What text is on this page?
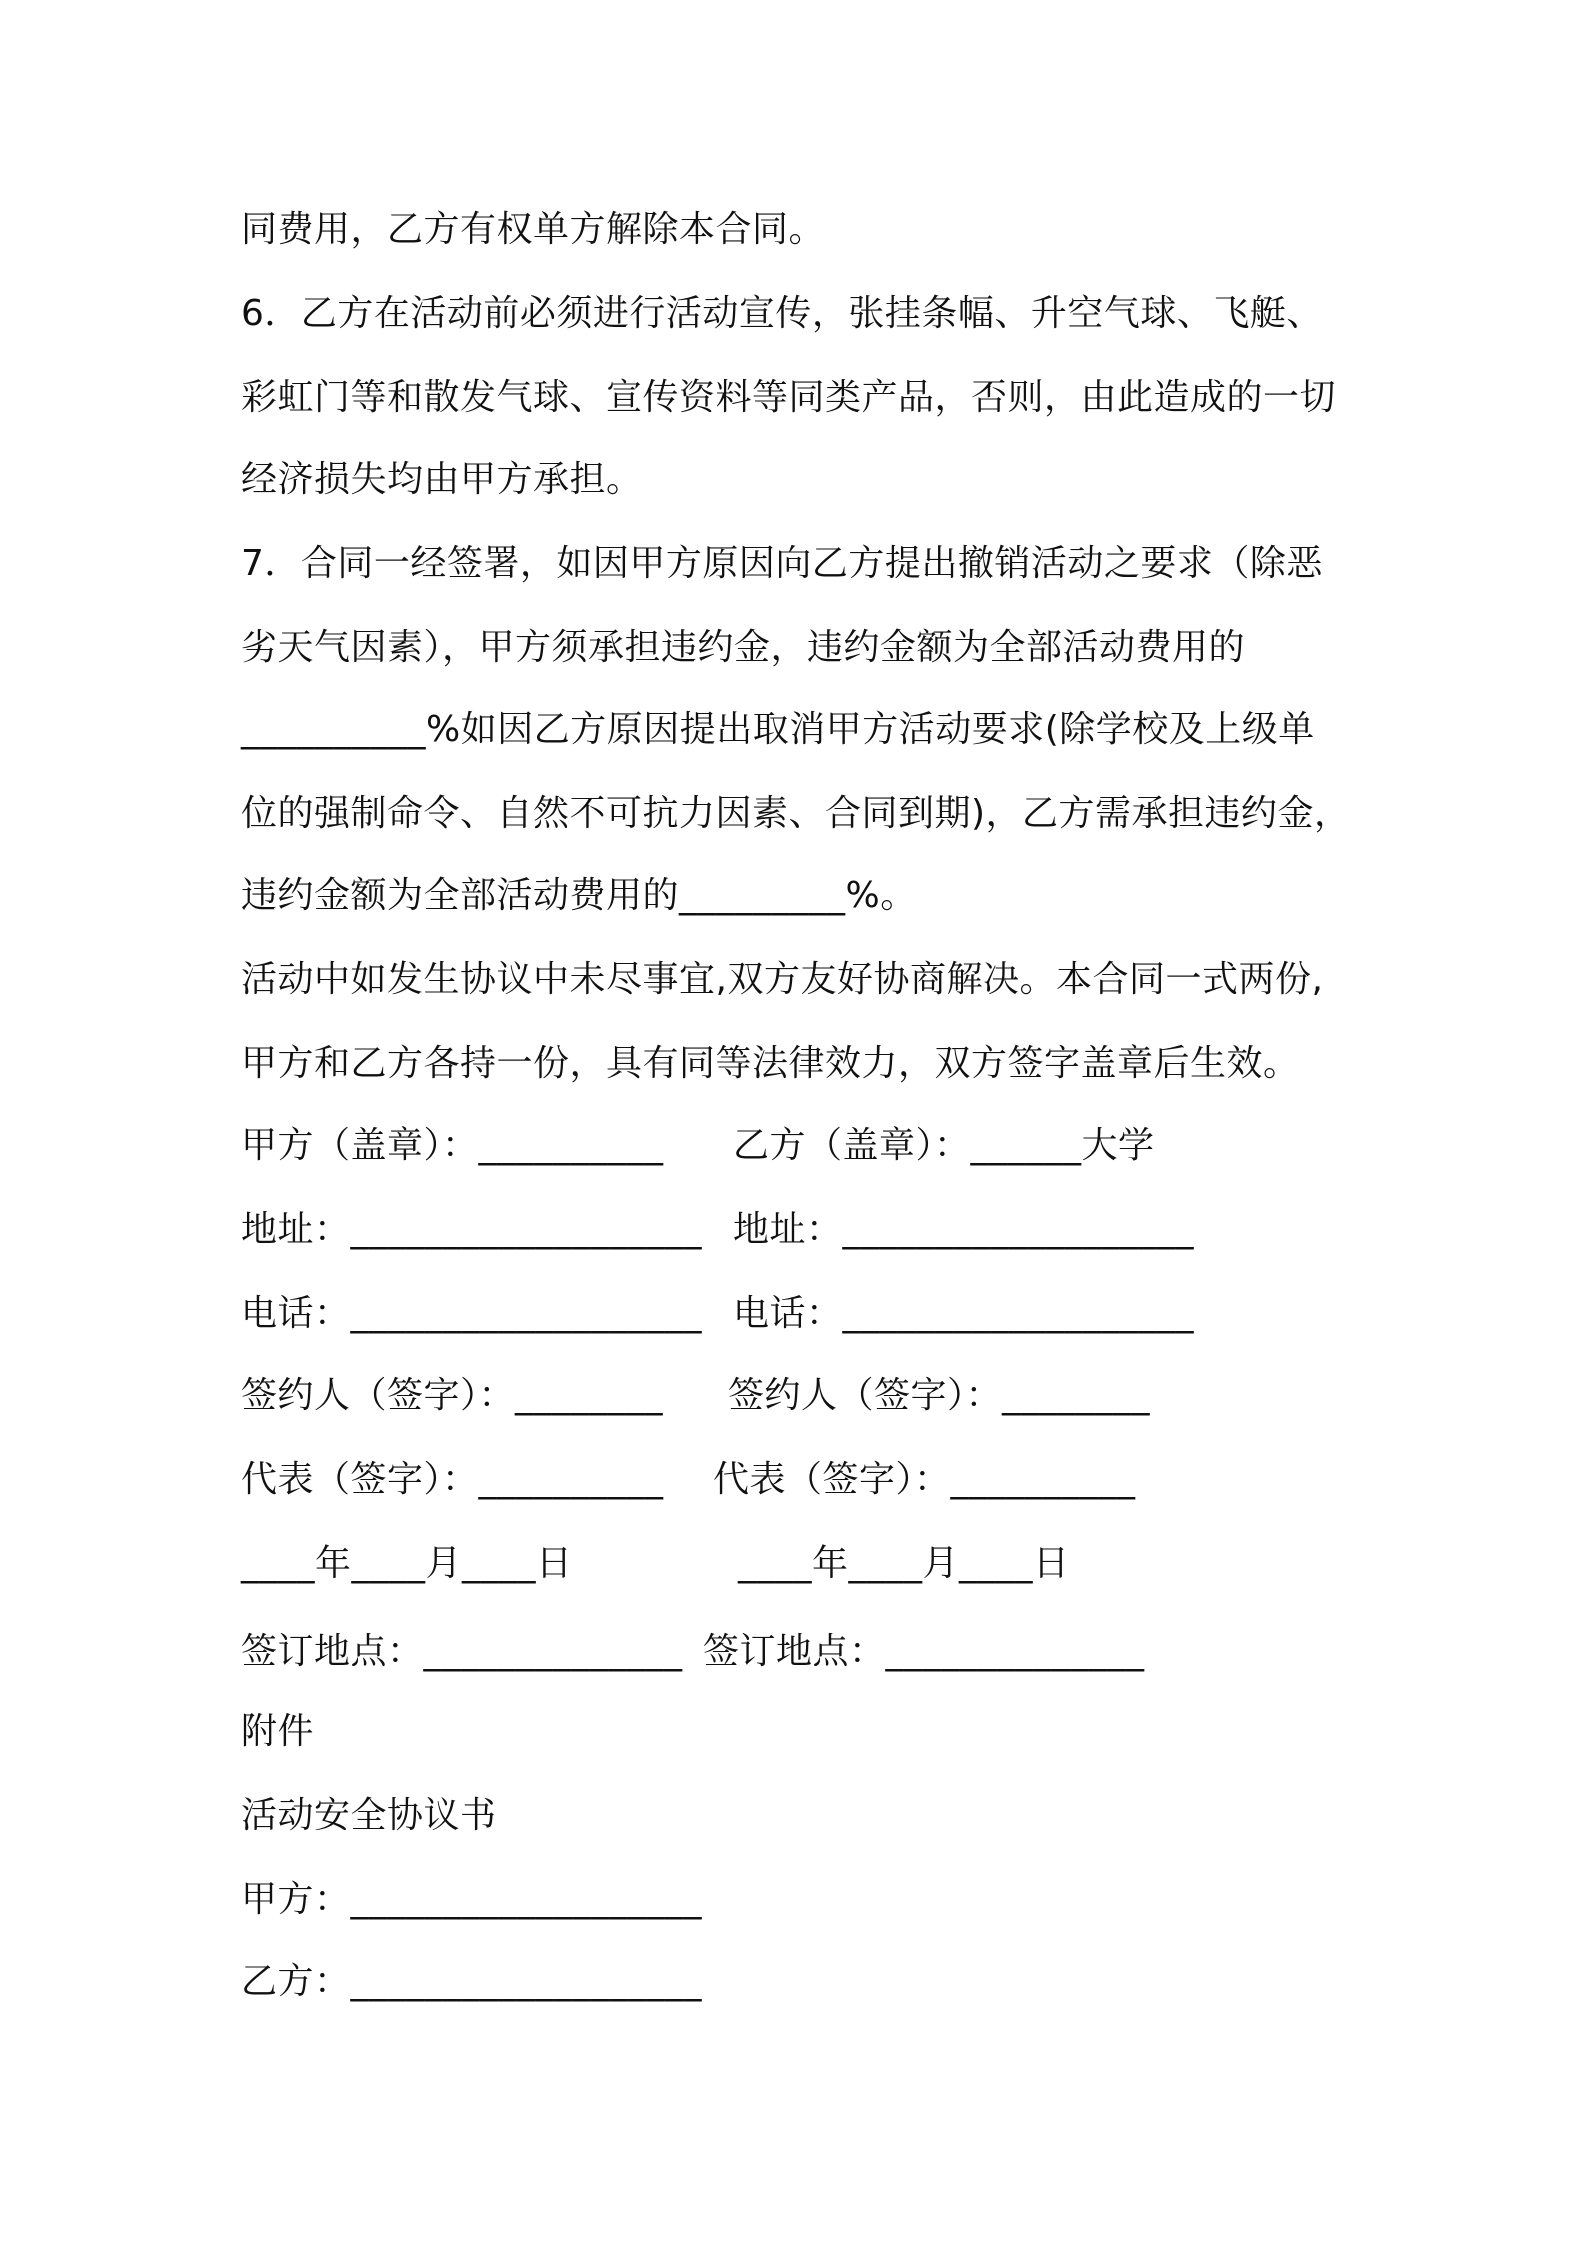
同费用，乙方有权单方解除本合同。
6．乙方在活动前必须进行活动宣传，张挂条幅、升空气球、飞艇、
彩虹门等和散发气球、宣传资料等同类产品，否则，由此造成的一切
经济损失均由甲方承担。
7．合同一经签署，如因甲方原因向乙方提出撤销活动之要求（除恶
劣天气因素），甲方须承担违约金，违约金额为全部活动费用的
__________%如因乙方原因提出取消甲方活动要求(除学校及上级单
位的强制命令、自然不可抗力因素、合同到期)，乙方需承担违约金，
违约金额为全部活动费用的_________%。
活动中如发生协议中未尽事宜,双方友好协商解决。本合同一式两份,
甲方和乙方各持一份，具有同等法律效力，双方签字盖章后生效。
甲方（盖章）：__________ 乙方（盖章）：______大学
地址：___________________ 地址：___________________
电话：___________________ 电话：___________________
签约人（签字）：________ 签约人（签字）：________
代表（签字）：__________ 代表（签字）：__________
____年____月____日	____年____月____日
签订地点：______________ 签订地点：______________
附件
活动安全协议书
甲方：___________________
乙方：___________________
